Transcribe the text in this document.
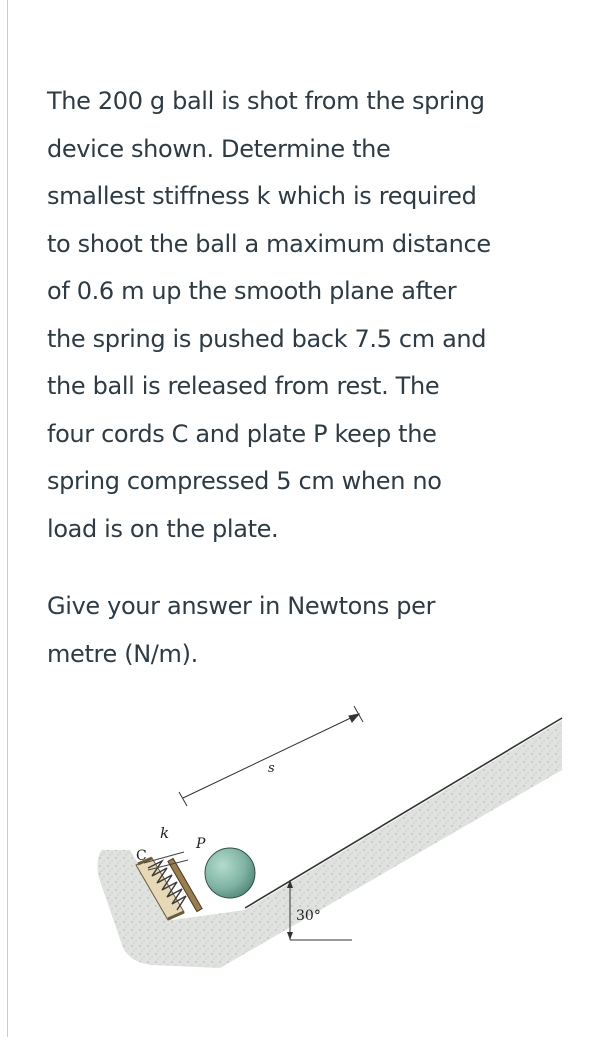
The 200 g ball is shot from the spring

device shown. Determine the

smallest stiffness k which is required

to shoot the ball a maximum distance

of 0.6 m up the smooth plane after

the spring is pushed back 7.5 cm and

the ball is released from rest. The

four cords C and plate P keep the

spring compressed 5 cm when no

load is on the plate.

Give your answer in Newtons per

metre (N/m).

s
k
C
P
30°
